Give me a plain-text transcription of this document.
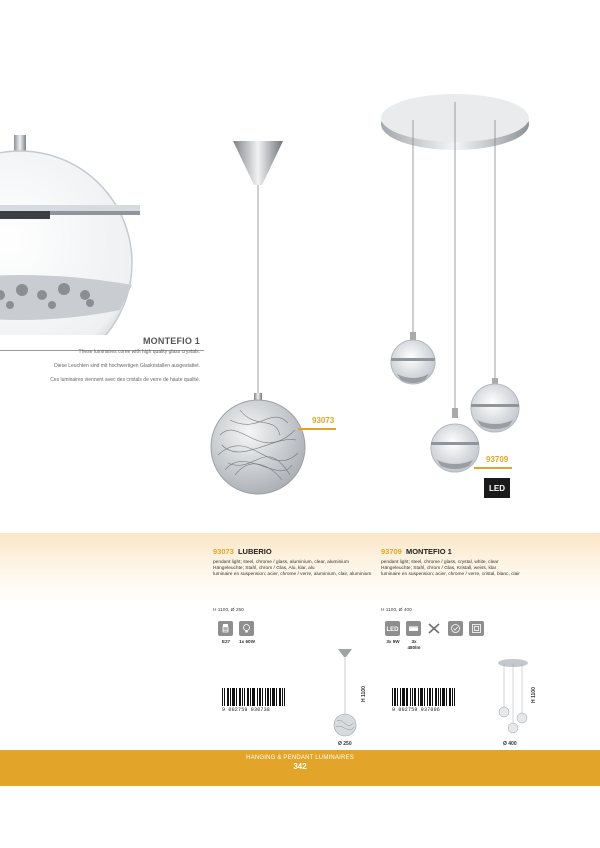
MONTEFIO 1

These luminaires come with high quality glass crystals.

Diese Leuchten sind mit hochwertigen Glaskristallen ausgestattet.

Ces luminaires viennent avec des cristals de verre de haute qualité.

93073
93709
LED
93073 LUBERIO
pendant light; steel, chrome / glass, aluminium, clear, aluminium
Hängeleuchte; Stahl, chrom / Glas, Alu, klar, alu
luminaire en suspension; acier, chrome / verre, aluminium, clair, aluminium
H 1100, Ø 250
93709 MONTEFIO 1
pendant light; steel, chrome / glass, crystal, white, clear
Hängeleuchte; Stahl, chrom / Glas, Kristall, weiss, klar
luminaire en suspension; acier, chrome / verre, cristal, blanc, clair
H 1100, Ø 400
E27	1x 60W
LED
3x 5W	3x
480lm
9 002759 930738	9 002759 937096
H 1100
Ø 250
H 1100
Ø 400
HANGING & PENDANT LUMINAIRES
342
